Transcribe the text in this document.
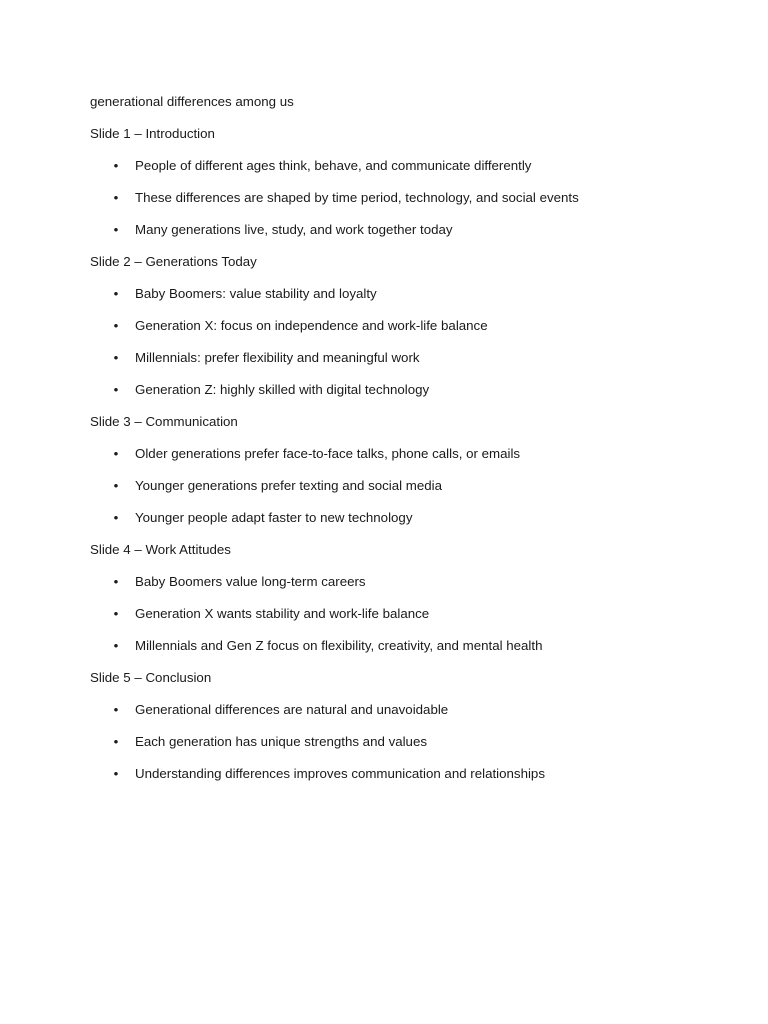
generational differences among us
Slide 1 – Introduction
• People of different ages think, behave, and communicate differently
• These differences are shaped by time period, technology, and social events
• Many generations live, study, and work together today
Slide 2 – Generations Today
• Baby Boomers: value stability and loyalty
• Generation X: focus on independence and work-life balance
• Millennials: prefer flexibility and meaningful work
• Generation Z: highly skilled with digital technology
Slide 3 – Communication
• Older generations prefer face-to-face talks, phone calls, or emails
• Younger generations prefer texting and social media
• Younger people adapt faster to new technology
Slide 4 – Work Attitudes
• Baby Boomers value long-term careers
• Generation X wants stability and work-life balance
• Millennials and Gen Z focus on flexibility, creativity, and mental health
Slide 5 – Conclusion
• Generational differences are natural and unavoidable
• Each generation has unique strengths and values
• Understanding differences improves communication and relationships
